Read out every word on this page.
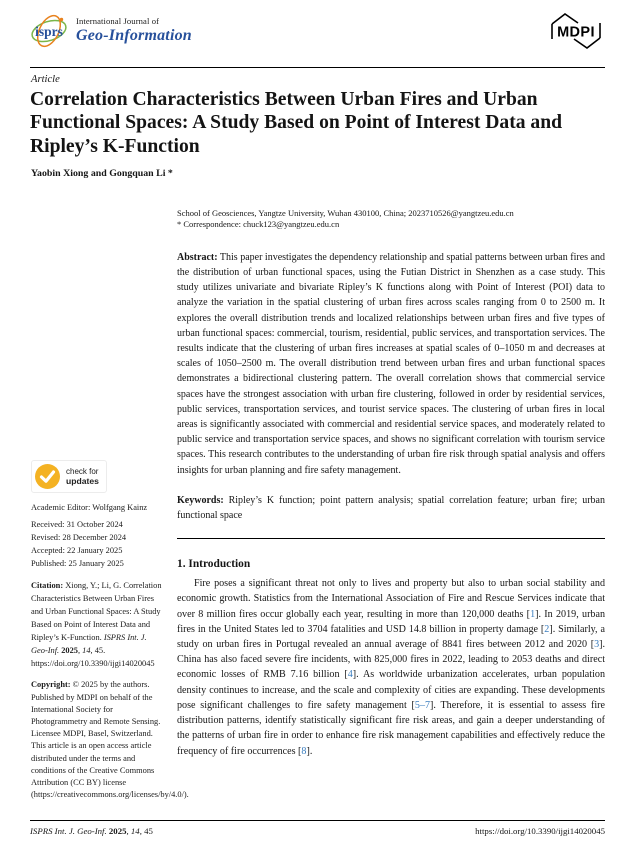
isprs
International Journal of
Geo-Information	MDPI
Article
Correlation Characteristics Between Urban Fires and Urban Functional Spaces: A Study Based on Point of Interest Data and Ripley’s K-Function
Yaobin Xiong and Gongquan Li *
check for
updates

Academic Editor: Wolfgang Kainz

Received: 31 October 2024
Revised: 28 December 2024
Accepted: 22 January 2025
Published: 25 January 2025

Citation: Xiong, Y.; Li, G. Correlation Characteristics Between Urban Fires and Urban Functional Spaces: A Study Based on Point of Interest Data and Ripley’s K-Function. ISPRS Int. J. Geo-Inf. 2025, 14, 45. https://doi.org/10.3390/ijgi14020045

Copyright: © 2025 by the authors. Published by MDPI on behalf of the International Society for Photogrammetry and Remote Sensing. Licensee MDPI, Basel, Switzerland. This article is an open access article distributed under the terms and conditions of the Creative Commons Attribution (CC BY) license (https://creativecommons.org/licenses/by/4.0/).

School of Geosciences, Yangtze University, Wuhan 430100, China; 2023710526@yangtzeu.edu.cn

* Correspondence: chuck123@yangtzeu.edu.cn

Abstract: This paper investigates the dependency relationship and spatial patterns between urban fires and the distribution of urban functional spaces, using the Futian District in Shenzhen as a case study. This study utilizes univariate and bivariate Ripley’s K functions along with Point of Interest (POI) data to analyze the variation in the spatial clustering of urban fires across scales ranging from 0 to 2500 m. It explores the overall distribution trends and localized relationships between urban fires and five types of urban functional spaces: commercial, tourism, residential, public services, and transportation services. The results indicate that the clustering of urban fires increases at spatial scales of 0–1050 m and decreases at scales of 1050–2500 m. The overall distribution trend between urban fires and urban functional spaces demonstrates a bidirectional clustering pattern. The overall correlation shows that commercial service spaces have the strongest association with urban fire clustering, followed in order by residential services, public services, transportation services, and tourist service spaces. The clustering of urban fires in local areas is significantly associated with commercial and residential service spaces, and moderately related to public service and transportation service spaces, and shows no significant correlation with tourism service spaces. This research contributes to the understanding of urban fire risk through spatial analysis and offers insights for urban planning and fire safety management.

Keywords: Ripley’s K function; point pattern analysis; spatial correlation feature; urban fire; urban functional space

1. Introduction

Fire poses a significant threat not only to lives and property but also to urban social stability and economic growth. Statistics from the International Association of Fire and Rescue Services indicate that over 8 million fires occur globally each year, resulting in more than 120,000 deaths [1]. In 2019, urban fires in the United States led to 3704 fatalities and USD 14.8 billion in property damage [2]. Similarly, a study on urban fires in Portugal revealed an annual average of 8841 fires between 2012 and 2020 [3]. China has also faced severe fire incidents, with 825,000 fires in 2022, leading to 2053 deaths and direct economic losses of RMB 7.16 billion [4]. As worldwide urbanization accelerates, urban population density continues to increase, and the scale and complexity of cities are expanding. These developments pose significant challenges to fire safety management [5–7]. Therefore, it is essential to assess fire distribution patterns, identify statistically significant fire risk areas, and gain a deeper understanding of the patterns of urban fire in order to enhance fire risk management capabilities and effectively reduce the frequency of fire occurrences [8].

ISPRS Int. J. Geo-Inf. 2025, 14, 45	https://doi.org/10.3390/ijgi14020045
